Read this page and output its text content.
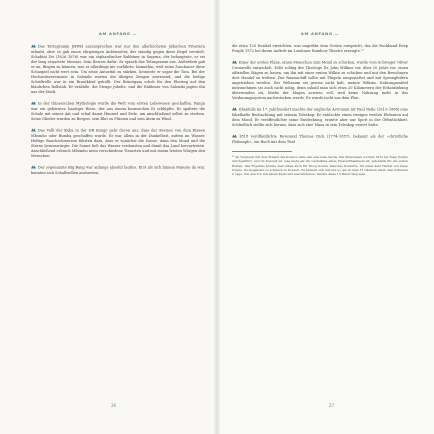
AM ANFANG …

Das Tetragramm JHWH auszusprechen war nur den allerhöchsten jüdischen Priestern erlaubt, aber es gab einen ehrgeizigen Außenseiter, der ständig gegen diese Regel verstieß: Schabtai Zvi (1626–1676) war ein sephardischer Rabbiner in Smyrna, der behauptete, er sei der lang erwartete Messias. Sein Beweis dafür: Er sprach das Tetragramm aus. Außerdem gab er an, fliegen zu können, was er allerdings nie vorführte. Immerhin, weil seine Zuschauer diese Schaupiel nicht wert sein. Um seine Autorität zu stärken, heiratete er sogar die Tora. Bei der Hochzeitszeremonie in Saloniki warten die übrigen Zeugen anwesend, und die heilige Schriftrolle war in ein Brautkleid gehüllt. Der Bräutigam schob für den Ehering auf den bläulichen Rollstab. Er erzählte, die Menge jubelte, und die Rabbiner von Saloniki jagten ihn aus der Stadt.

In der chinesischen Mythologie wurde die Welt vom ersten Lebewesen geschaffen. Pangu war ein gehörnter, haariger Riese, der aus einem kosmischen Ei schlüpfte. Er spaltete die Schale mit seiner Axt und schuf damit Himmel und Erde, um anschließend selbst zu sterben. Seine Glieder wurden zu Bergen, sein Blut zu Flüssen und sein Atem zu Wind.

Das Volk der Kuba in der DR Kongo geht davon aus, dass der Kosmos von dem Riesen Mbombo oder Bumba geschaffen wurde. Er war allein in der Dunkelheit, mitten im Wasser. Heftige Bauchschmerzen führten dazu, dass er zunächst die Sonne, dann den Mond und die Sterne herauswürgte. Die Sonne ließ das Wasser verdunsten und damit das Land hervortreten. Anschließend erbrach Mbombo neun verschiedene Tierarten und mit einem letzten Würgen den Menschen.

Der sogenannte Big Bang war anfangs absolut lautlos. Erst als sich binnen Materie da war, konnten sich Schallwellen ausbreiten,

26
AM ANFANG …

die etwa 120 Dezibel erreichten, was ungefähr dem Getöse entspricht, das die Rockband Deep Purple 1972 bei ihrem Auftritt im Londoner Rainbow Theatre erzeugte.¹³

Einer der ersten Pläne, einen Menschen zum Mond zu schicken, wurde vom Schwager Oliver Cromwells entwickelt. 1640 schlug der Theologe Dr. John Wilkins vor, über 20 Jahre vor, einen offiziellen Wagen zu bauen, um ihn mit einer ersten Wilkin zu schicken und mit den Bewohnern dort Handel zu treiben. Das Raumschiff sollte mit Flügeln ausgestattet und mit Sprungfedern angetrieben werden. Der Weltraum sei gewiss nicht kalt, meinte Wilkins. Nahrungsmittel mitzunehmen sei auch nicht nötig, denn sobald man sich etwa 20 Kilometern der Erdanziehung überwunden sei, bliebe der Magen sowieso voll, weil keine Nahrung mehr in das Verdauungssystem nachrutschen werde. Es wurde nicht aus dem Plan.

Ebenfalls im 17. Jahrhundert machte der englische Astronom Sir Paul Neile (1613–1686) eine fabelhafte Beobachtung mit seinem Teleskop: Er entdeckte einen riesigen weißen Elefanten auf dem Mond. Er veröffentlichte seine Entdeckung, erntete aber nur Spott in der Öffentlichkeit. Schließlich stellte sich heraus, dass sich eine Maus in sein Teleskop verirrt hatte.

1818 veröffentlichte Reverend Thomas Dick (1774–1857), bekannt als der »christliche Philosoph«, ein Buch mit dem Titel

¹³ Im Vergleich mit dem Roland des Kosmos wäre das eine leise Sache. Die Messungen wurden 1972 bei Deep Purple durchgeführt, und im Konzert ist, was mehr als die Lautstärke eines Presslufthammers ist, jedenfalls für die ersten Reihen. Das Ergebnis könnte man allein auch für Moog-Sound, manches Konzerte, für einen kein Herbst von Deep Purple. Im Gegensatz zu schwach zu Konzert. Es handelt sich mit nur so, als ob man 13 Oktaven unter dem mittleren C sage. Um den Ton mit einem Keyboard auszudrücken, müsste diese 15 Meter lang sein.

27
